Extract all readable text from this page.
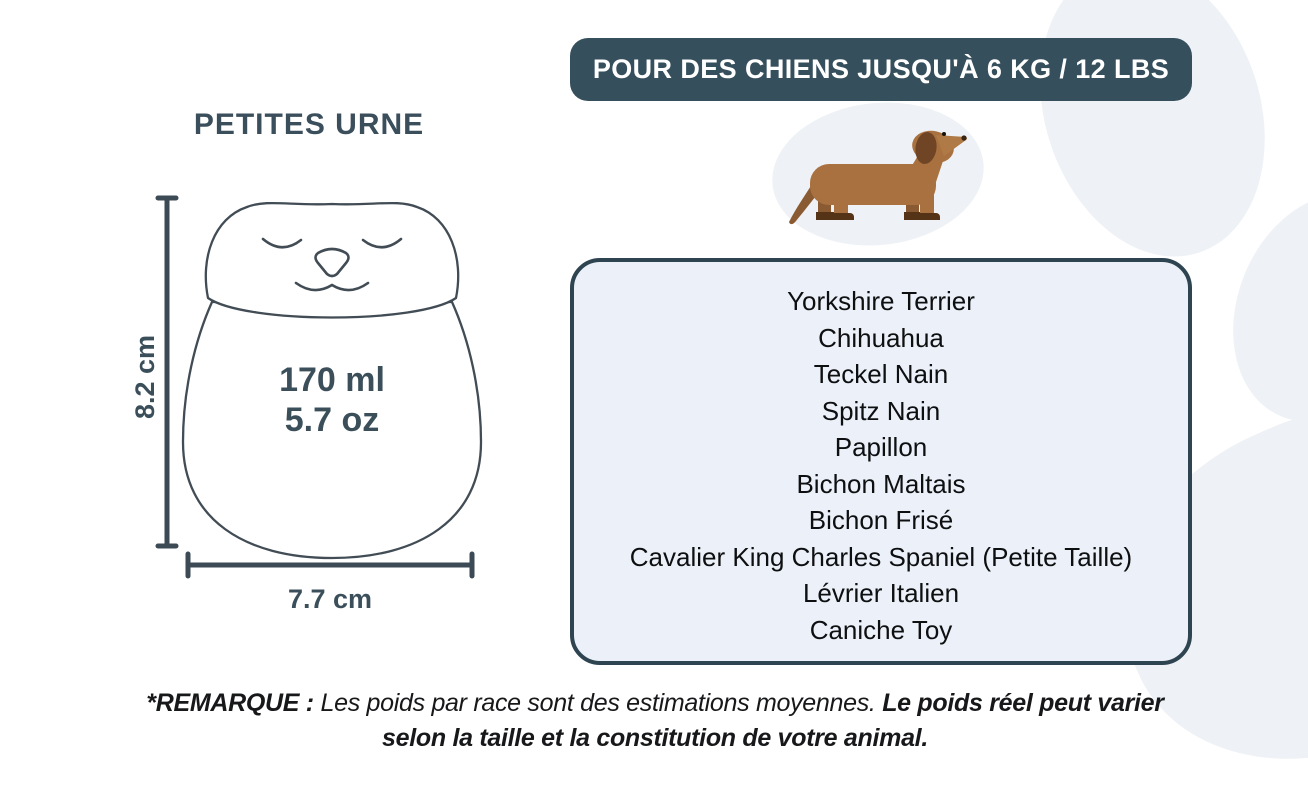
POUR DES CHIENS JUSQU'À 6 KG / 12 LBS
PETITES URNE
8.2 cm	170 ml
5.7 oz
7.7 cm
Yorkshire Terrier
Chihuahua
Teckel Nain
Spitz Nain
Papillon
Bichon Maltais
Bichon Frisé
Cavalier King Charles Spaniel (Petite Taille)
Lévrier Italien
Caniche Toy
*REMARQUE : Les poids par race sont des estimations moyennes. Le poids réel peut varier selon la taille et la constitution de votre animal.
